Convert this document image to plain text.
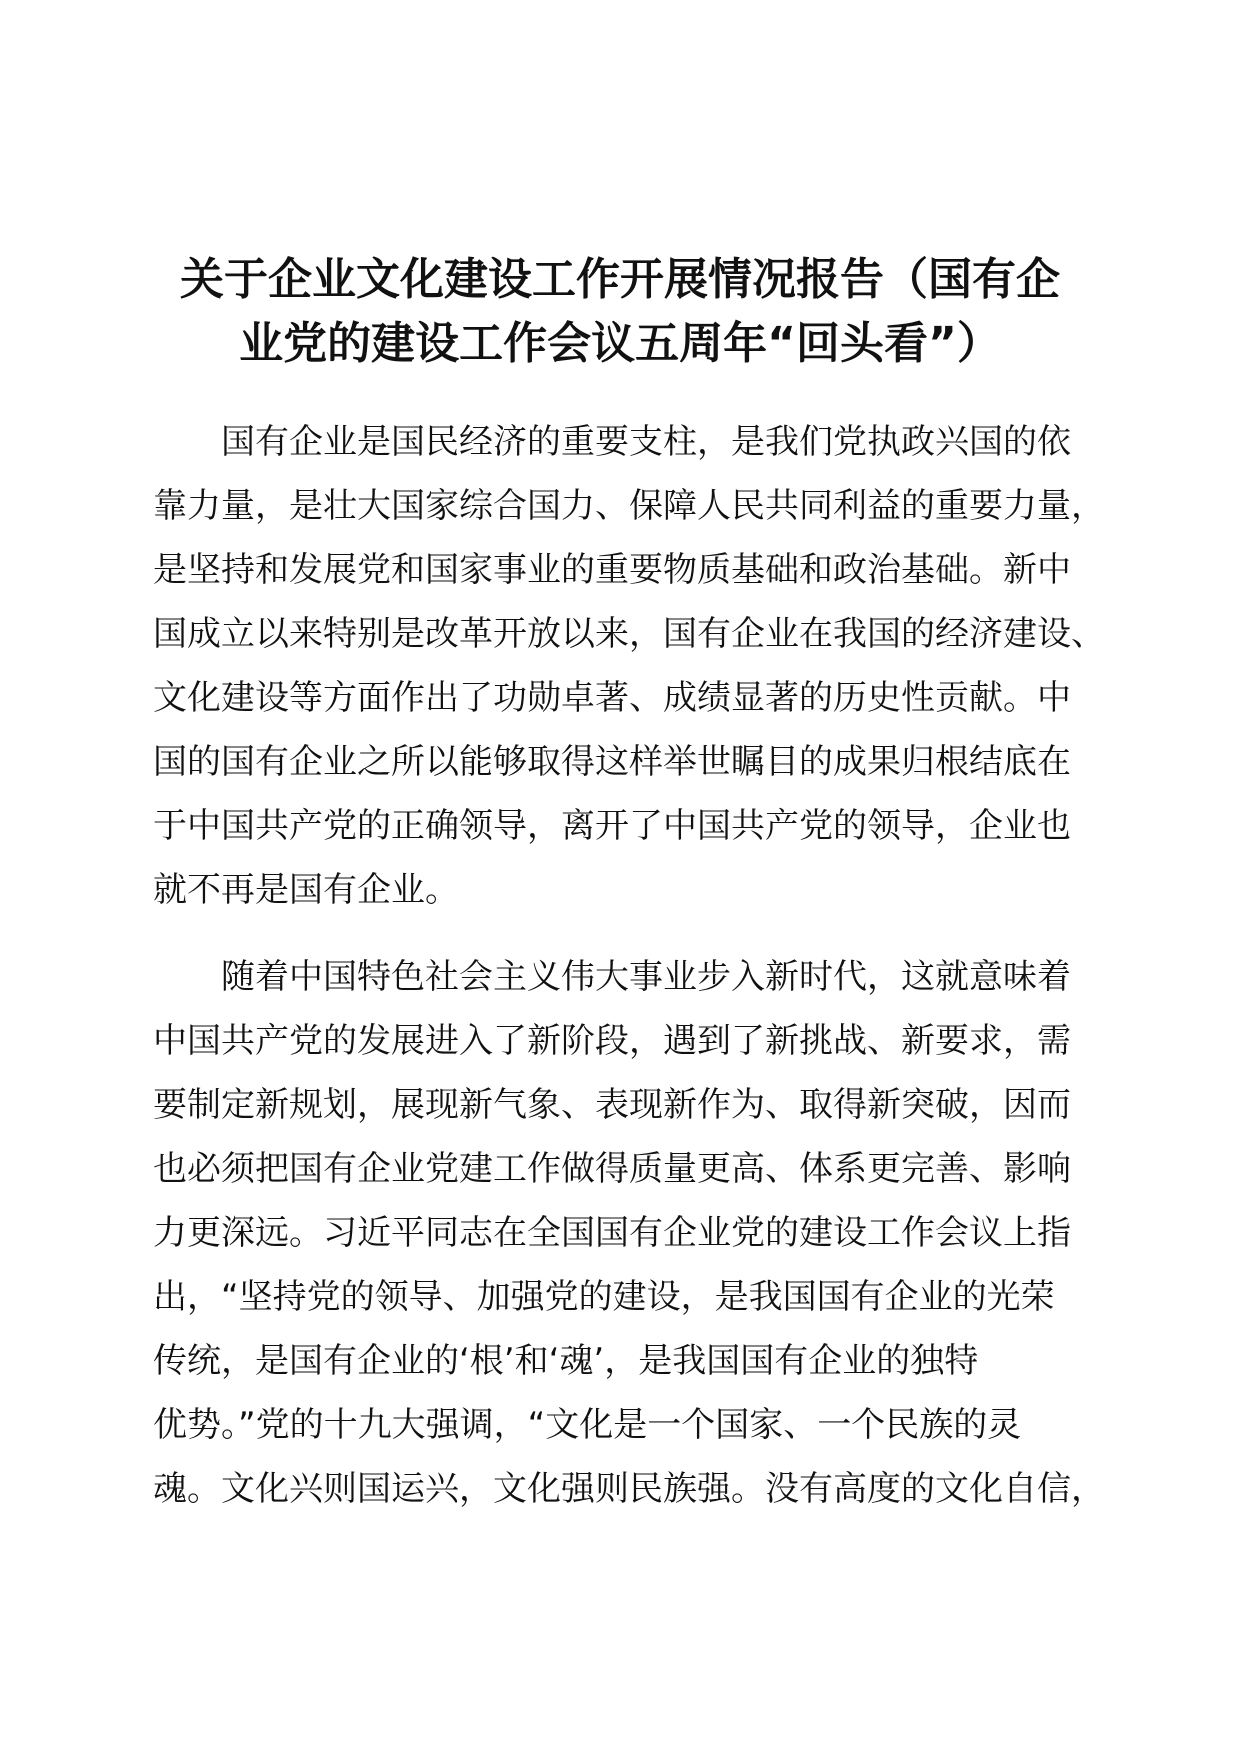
关于企业文化建设工作开展情况报告（国有企
业党的建设工作会议五周年“回头看”）
国有企业是国民经济的重要支柱，是我们党执政兴国的依
靠力量，是壮大国家综合国力、保障人民共同利益的重要力量，
是坚持和发展党和国家事业的重要物质基础和政治基础。新中
国成立以来特别是改革开放以来，国有企业在我国的经济建设、
文化建设等方面作出了功勋卓著、成绩显著的历史性贡献。中
国的国有企业之所以能够取得这样举世瞩目的成果归根结底在
于中国共产党的正确领导，离开了中国共产党的领导，企业也
就不再是国有企业。
随着中国特色社会主义伟大事业步入新时代，这就意味着
中国共产党的发展进入了新阶段，遇到了新挑战、新要求，需
要制定新规划，展现新气象、表现新作为、取得新突破，因而
也必须把国有企业党建工作做得质量更高、体系更完善、影响
力更深远。习近平同志在全国国有企业党的建设工作会议上指
出，“坚持党的领导、加强党的建设，是我国国有企业的光荣
传统，是国有企业的‘根’和‘魂’，是我国国有企业的独特
优势。”党的十九大强调，“文化是一个国家、一个民族的灵
魂。文化兴则国运兴，文化强则民族强。没有高度的文化自信，
